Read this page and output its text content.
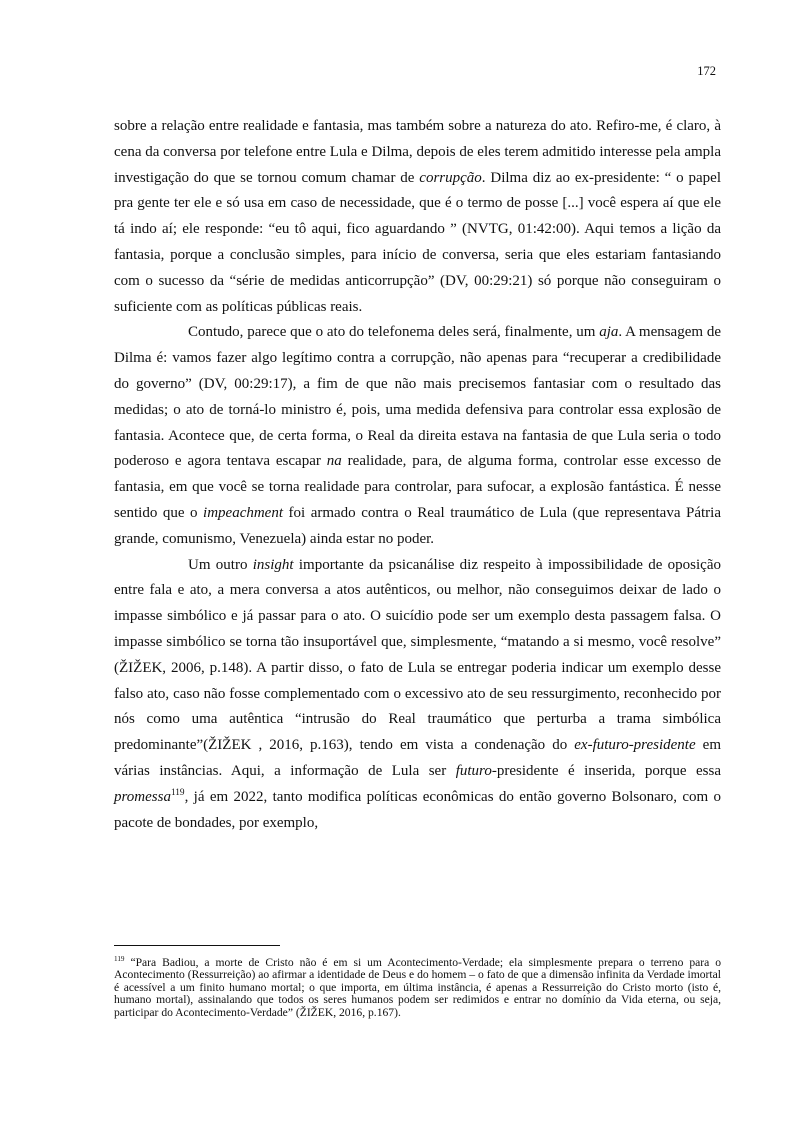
172

sobre a relação entre realidade e fantasia, mas também sobre a natureza do ato. Refiro-me, é claro, à cena da conversa por telefone entre Lula e Dilma, depois de eles terem admitido interesse pela ampla investigação do que se tornou comum chamar de corrupção. Dilma diz ao ex-presidente: “ o papel pra gente ter ele e só usa em caso de necessidade, que é o termo de posse [...] você espera aí que ele tá indo aí; ele responde: “eu tô aqui, fico aguardando ” (NVTG, 01:42:00). Aqui temos a lição da fantasia, porque a conclusão simples, para início de conversa, seria que eles estariam fantasiando com o sucesso da “série de medidas anticorrupção” (DV, 00:29:21) só porque não conseguiram o suficiente com as políticas públicas reais.

Contudo, parece que o ato do telefonema deles será, finalmente, um aja. A mensagem de Dilma é: vamos fazer algo legítimo contra a corrupção, não apenas para “recuperar a credibilidade do governo” (DV, 00:29:17), a fim de que não mais precisemos fantasiar com o resultado das medidas; o ato de torná-lo ministro é, pois, uma medida defensiva para controlar essa explosão de fantasia. Acontece que, de certa forma, o Real da direita estava na fantasia de que Lula seria o todo poderoso e agora tentava escapar na realidade, para, de alguma forma, controlar esse excesso de fantasia, em que você se torna realidade para controlar, para sufocar, a explosão fantástica. É nesse sentido que o impeachment foi armado contra o Real traumático de Lula (que representava Pátria grande, comunismo, Venezuela) ainda estar no poder.

Um outro insight importante da psicanálise diz respeito à impossibilidade de oposição entre fala e ato, a mera conversa a atos autênticos, ou melhor, não conseguimos deixar de lado o impasse simbólico e já passar para o ato. O suicídio pode ser um exemplo desta passagem falsa. O impasse simbólico se torna tão insuportável que, simplesmente, “matando a si mesmo, você resolve” (ŽIŽEK, 2006, p.148). A partir disso, o fato de Lula se entregar poderia indicar um exemplo desse falso ato, caso não fosse complementado com o excessivo ato de seu ressurgimento, reconhecido por nós como uma autêntica “intrusão do Real traumático que perturba a trama simbólica predominante”(ŽIŽEK , 2016, p.163), tendo em vista a condenação do ex-futuro-presidente em várias instâncias. Aqui, a informação de Lula ser futuro-presidente é inserida, porque essa promessa$^{119}$, já em 2022, tanto modifica políticas econômicas do então governo Bolsonaro, com o pacote de bondades, por exemplo,

$^{119}$ “Para Badiou, a morte de Cristo não é em si um Acontecimento‑Verdade; ela simplesmente prepara o terreno para o Acontecimento (Ressurreição) ao afirmar a identidade de Deus e do homem – o fato de que a dimensão infinita da Verdade imortal é acessível a um finito humano mortal; o que importa, em última instância, é apenas a Ressurreição do Cristo morto (isto é, humano mortal), assinalando que todos os seres humanos podem ser redimidos e entrar no domínio da Vida eterna, ou seja, participar do Acontecimento‑Verdade” (ŽIŽEK, 2016, p.167).
